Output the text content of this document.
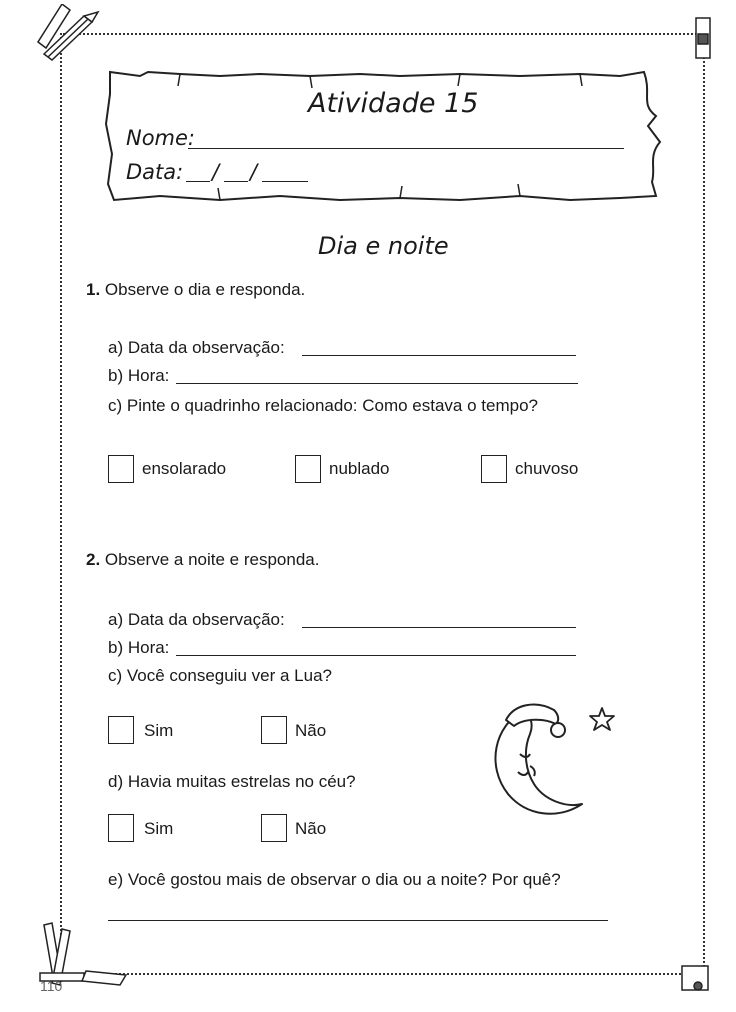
110
Atividade 15
Nome:
Data: / /
Dia e noite
1. Observe o dia e responda.
a) Data da observação:
b) Hora:
c) Pinte o quadrinho relacionado: Como estava o tempo?
ensolarado	nublado	chuvoso
2. Observe a noite e responda.
a) Data da observação:
b) Hora:
c) Você conseguiu ver a Lua?
Sim	Não
d) Havia muitas estrelas no céu?
Sim	Não
e) Você gostou mais de observar o dia ou a noite? Por quê?
